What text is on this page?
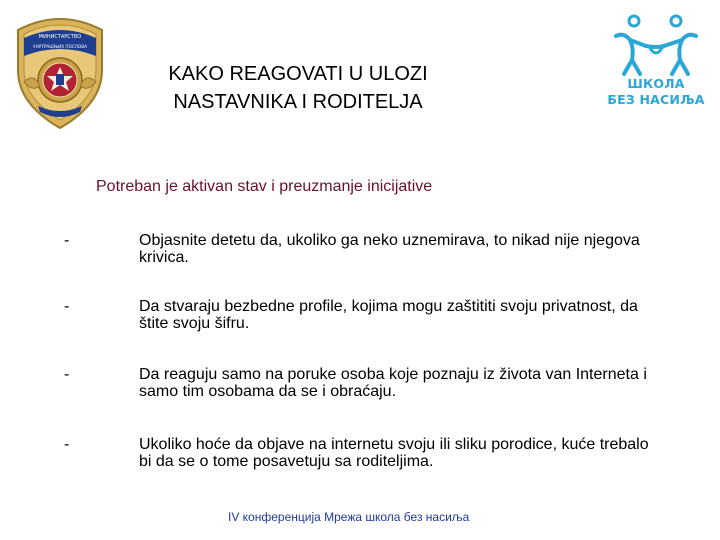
МИНИСТАРСТВО
УНУТРАШЊИХ ПОСЛОВА
ШКОЛА
БЕЗ НАСИЉА
KAKO REAGOVATI U ULOZI NASTAVNIKA I RODITELJA
Potreban je aktivan stav i preuzmanje inicijative
-	Objasnite detetu da, ukoliko ga neko uznemirava, to nikad nije njegova krivica.
-	Da stvaraju bezbedne profile, kojima mogu zaštititi svoju privatnost, da štite svoju šifru.
-	Da reaguju samo na poruke osoba koje poznaju iz života van Interneta i samo tim osobama da se i obraćaju.
-	Ukoliko hoće da objave na internetu svoju ili sliku porodice, kuće trebalo bi da se o tome posavetuju sa roditeljima.
IV конференција Мрежа школа без насиља
